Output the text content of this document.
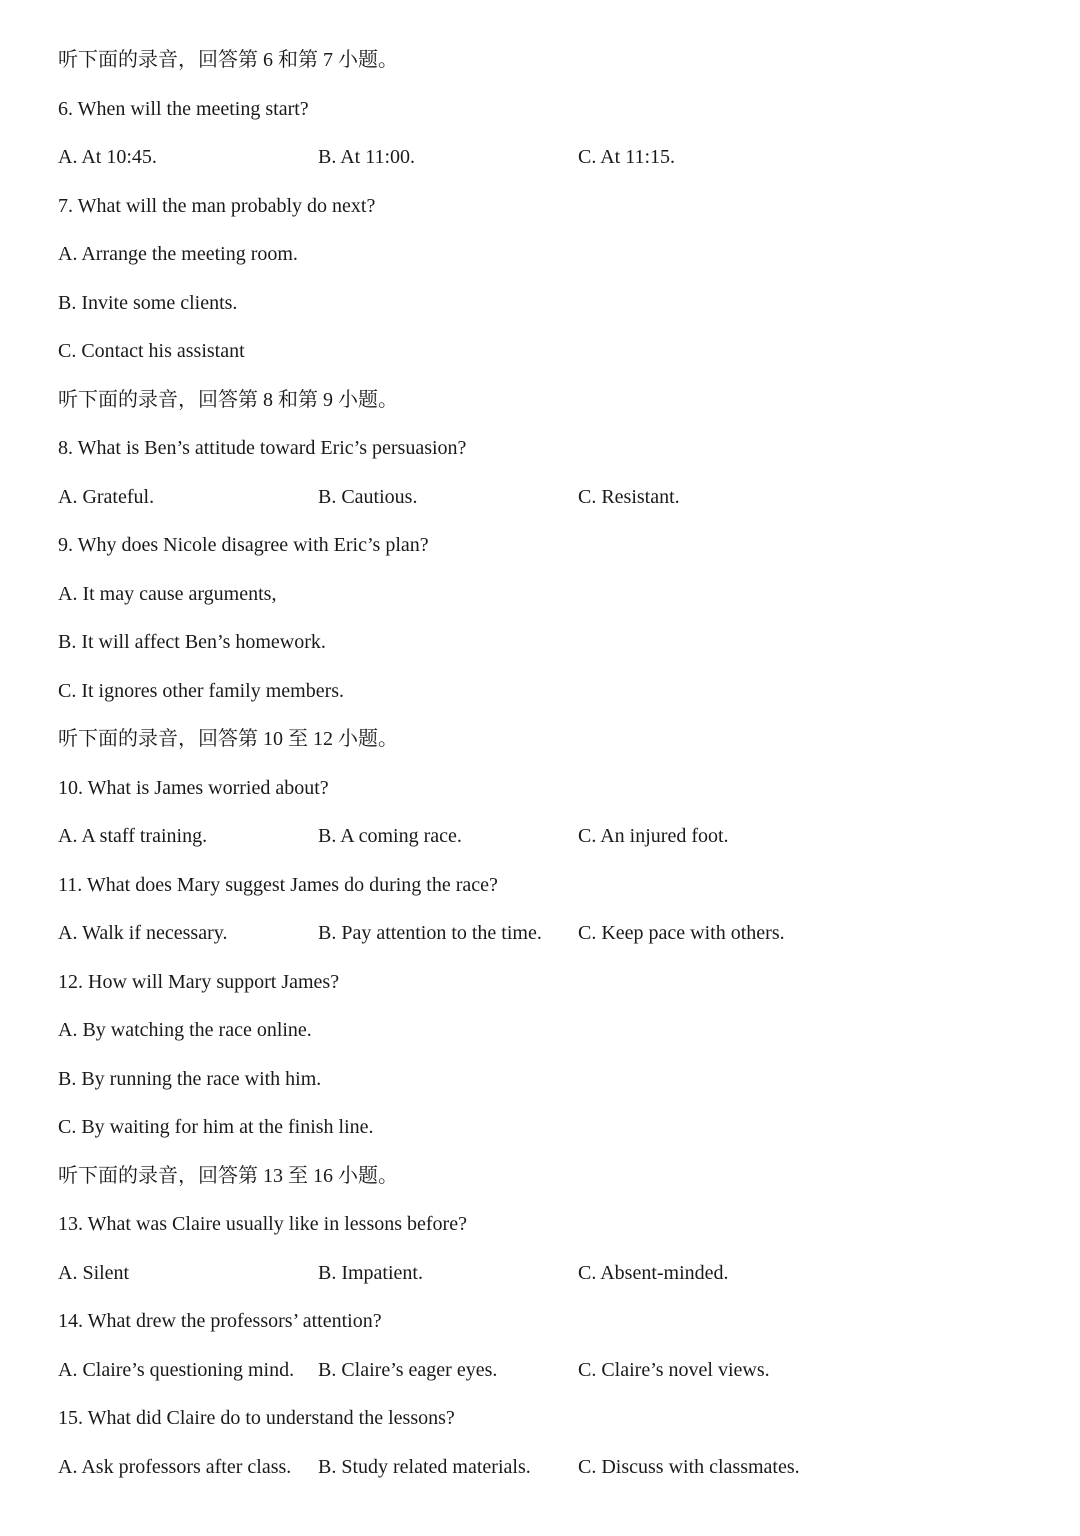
听下面的录音，回答第 6 和第 7 小题。
6. When will the meeting start?
A. At 10:45.	B. At 11:00.	C. At 11:15.
7. What will the man probably do next?
A. Arrange the meeting room.
B. Invite some clients.
C. Contact his assistant
听下面的录音，回答第 8 和第 9 小题。
8. What is Ben’s attitude toward Eric’s persuasion?
A. Grateful.	B. Cautious.	C. Resistant.
9. Why does Nicole disagree with Eric’s plan?
A. It may cause arguments,
B. It will affect Ben’s homework.
C. It ignores other family members.
听下面的录音，回答第 10 至 12 小题。
10. What is James worried about?
A. A staff training.	B. A coming race.	C. An injured foot.
11. What does Mary suggest James do during the race?
A. Walk if necessary.	B. Pay attention to the time. C. Keep pace with others.
12. How will Mary support James?
A. By watching the race online.
B. By running the race with him.
C. By waiting for him at the finish line.
听下面的录音，回答第 13 至 16 小题。
13. What was Claire usually like in lessons before?
A. Silent	B. Impatient.	C. Absent-minded.
14. What drew the professors’ attention?
A. Claire’s questioning mind. B. Claire’s eager eyes.	C. Claire’s novel views.
15. What did Claire do to understand the lessons?
A. Ask professors after class. B. Study related materials. C. Discuss with classmates.
